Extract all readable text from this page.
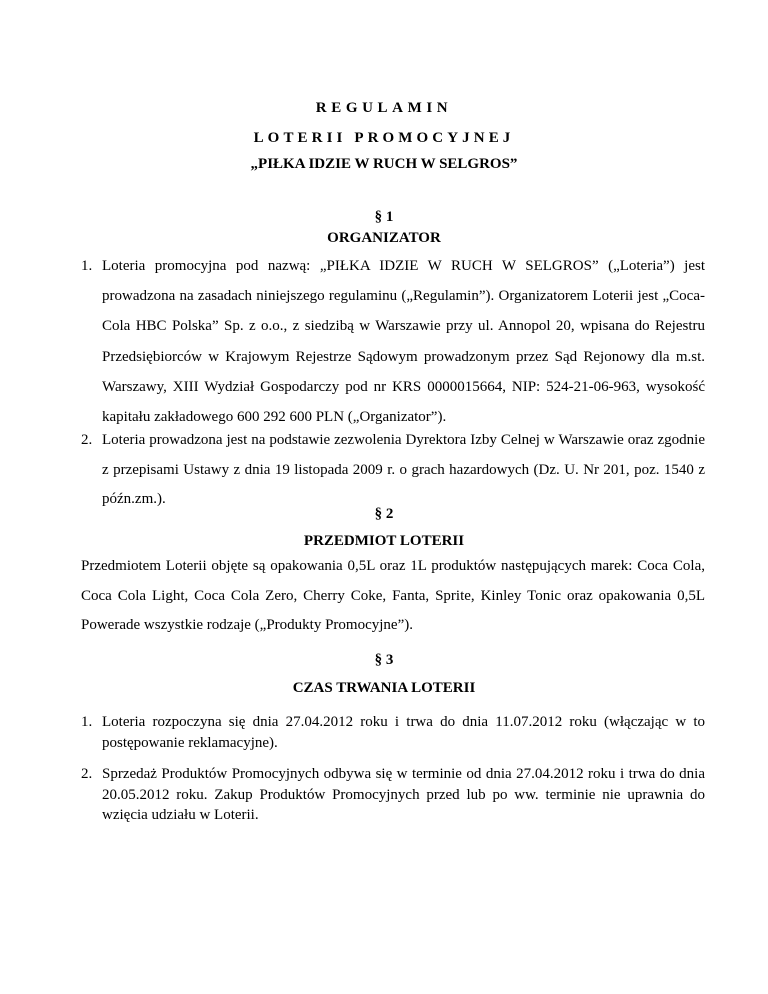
REGULAMIN
LOTERII PROMOCYJNEJ
„PIŁKA IDZIE W RUCH W SELGROS”
§ 1
ORGANIZATOR
1. Loteria promocyjna pod nazwą: „PIŁKA IDZIE W RUCH W SELGROS” („Loteria”) jest prowadzona na zasadach niniejszego regulaminu („Regulamin”). Organizatorem Loterii jest „Coca-Cola HBC Polska” Sp. z o.o., z siedzibą w Warszawie przy ul. Annopol 20, wpisana do Rejestru Przedsiębiorców w Krajowym Rejestrze Sądowym prowadzonym przez Sąd Rejonowy dla m.st. Warszawy, XIII Wydział Gospodarczy pod nr KRS 0000015664, NIP: 524-21-06-963, wysokość kapitału zakładowego 600 292 600 PLN („Organizator”).
2. Loteria prowadzona jest na podstawie zezwolenia Dyrektora Izby Celnej w Warszawie oraz zgodnie z przepisami Ustawy z dnia 19 listopada 2009 r. o grach hazardowych (Dz. U. Nr 201, poz. 1540 z późn.zm.).
§ 2
PRZEDMIOT LOTERII
Przedmiotem Loterii objęte są opakowania 0,5L oraz 1L produktów następujących marek: Coca Cola, Coca Cola Light, Coca Cola Zero, Cherry Coke, Fanta, Sprite, Kinley Tonic oraz opakowania 0,5L Powerade wszystkie rodzaje („Produkty Promocyjne”).
§ 3
CZAS TRWANIA LOTERII
1. Loteria rozpoczyna się dnia 27.04.2012 roku i trwa do dnia 11.07.2012 roku (włączając w to postępowanie reklamacyjne).
2. Sprzedaż Produktów Promocyjnych odbywa się w terminie od dnia 27.04.2012 roku i trwa do dnia 20.05.2012 roku. Zakup Produktów Promocyjnych przed lub po ww. terminie nie uprawnia do wzięcia udziału w Loterii.
